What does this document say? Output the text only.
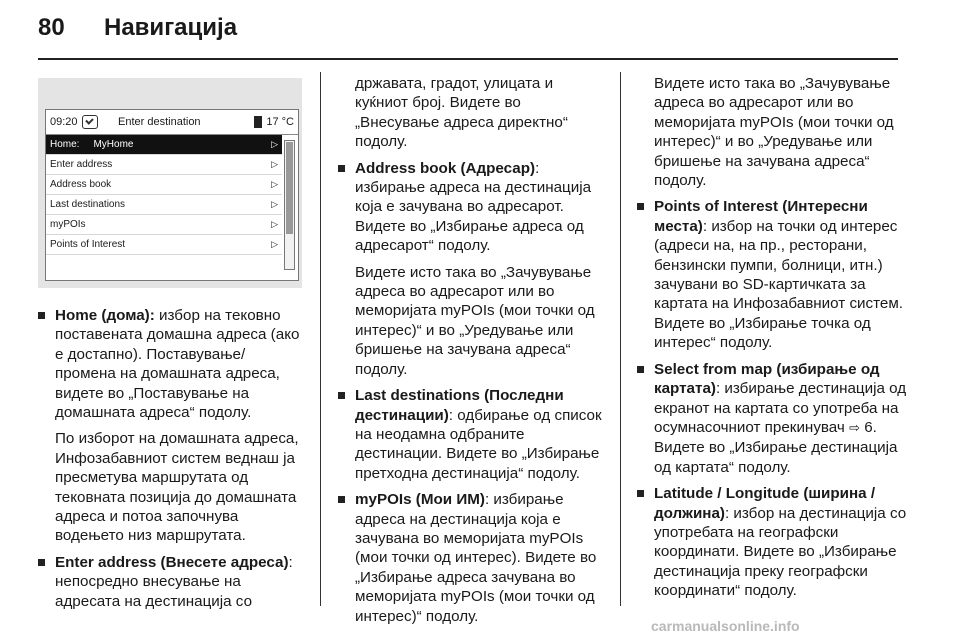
80 Навигација
09:20	Enter destination	17 °C
Home: MyHome	▷
Enter address	▷
Address book	▷
Last destinations	▷
myPOIs	▷
Points of Interest	▷
Home (дома): избор на тековно поставената домашна адреса (ако е достапно). Поставување/ промена на домашната адреса, видете во „Поставување на домашната адреса“ подолу.

По изборот на домашната адреса, Инфозабавниот систем веднаш ја пресметува маршрутата од тековната позиција до домашната адреса и потоа започнува водењето низ маршрутата.

Enter address (Внесете адреса): непосредно внесување на адресата на дестинација со

државата, градот, улицата и куќниот број. Видете во „Внесување адреса директно“ подолу.

Address book (Адресар): избирање адреса на дестинација која е зачувана во адресарот. Видете во „Избирање адреса од адресарот“ подолу.

Видете исто така во „Зачувување адреса во адресарот или во меморијата myPOIs (мои точки од интерес)“ и во „Уредување или бришење на зачувана адреса“ подолу.

Last destinations (Последни дестинации): одбирање од список на неодамна одбраните дестинации. Видете во „Избирање претходна дестинација“ подолу.
myPOIs (Мои ИМ): избирање адреса на дестинација која е зачувана во меморијата myPOIs (мои точки од интерес). Видете во „Избирање адреса зачувана во меморијата myPOIs (мои точки од интерес)“ подолу.

Видете исто така во „Зачувување адреса во адресарот или во меморијата myPOIs (мои точки од интерес)“ и во „Уредување или бришење на зачувана адреса“ подолу.

Points of Interest (Интересни места): избор на точки од интерес (адреси на, на пр., ресторани, бензински пумпи, болници, итн.) зачувани во SD-картичката за картата на Инфозабавниот систем. Видете во „Избирање точка од интерес“ подолу.
Select from map (избирање од картата): избирање дестинација од екранот на картата со употреба на осумнасочниот прекинувач ⇨ 6. Видете во „Избирање дестинација од картата“ подолу.
Latitude / Longitude (ширина / должина): избор на дестинација со употребата на географски координати. Видете во „Избирање дестинација преку географски координати“ подолу.
carmanualsonline.info
